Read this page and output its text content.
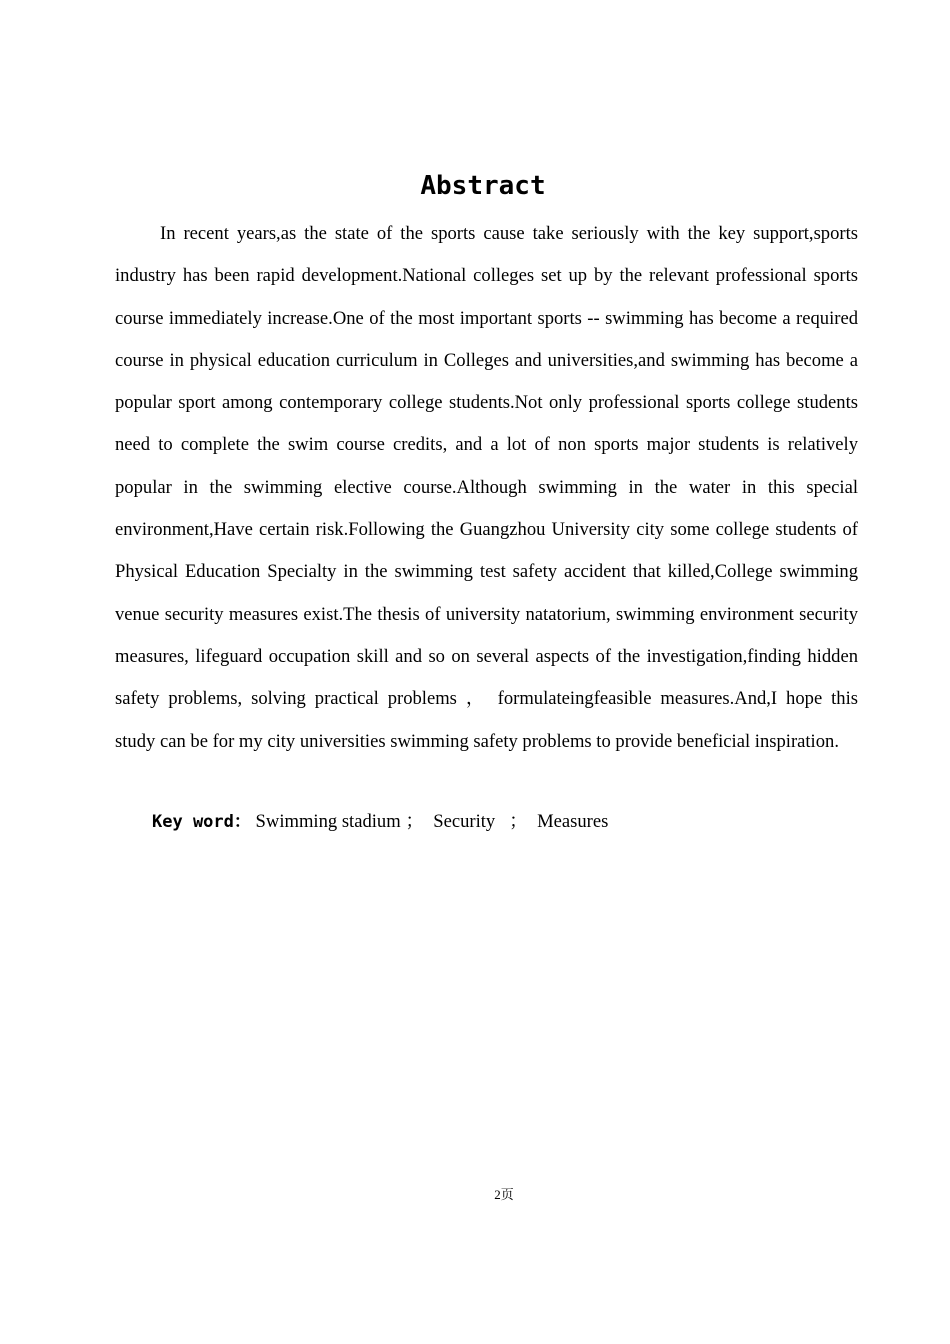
Abstract

In recent years,as the state of the sports cause take seriously with the key support,sports industry has been rapid development.National colleges set up by the relevant professional sports course immediately increase.One of the most important sports -- swimming has become a required course in physical education curriculum in Colleges and universities,and swimming has become a popular sport among contemporary college students.Not only professional sports college students need to complete the swim course credits, and a lot of non sports major students is relatively popular in the swimming elective course.Although swimming in the water in this special environment,Have certain risk.Following the Guangzhou University city some college students of Physical Education Specialty in the swimming test safety accident that killed,College swimming venue security measures exist.The thesis of university natatorium, swimming environment security measures, lifeguard occupation skill and so on several aspects of the investigation,finding hidden safety problems, solving practical problems ， formulateingfeasible measures.And,I hope this study can be for my city universities swimming safety problems to provide beneficial inspiration.

Key word： Swimming stadium ；  Security   ；  Measures
2页
